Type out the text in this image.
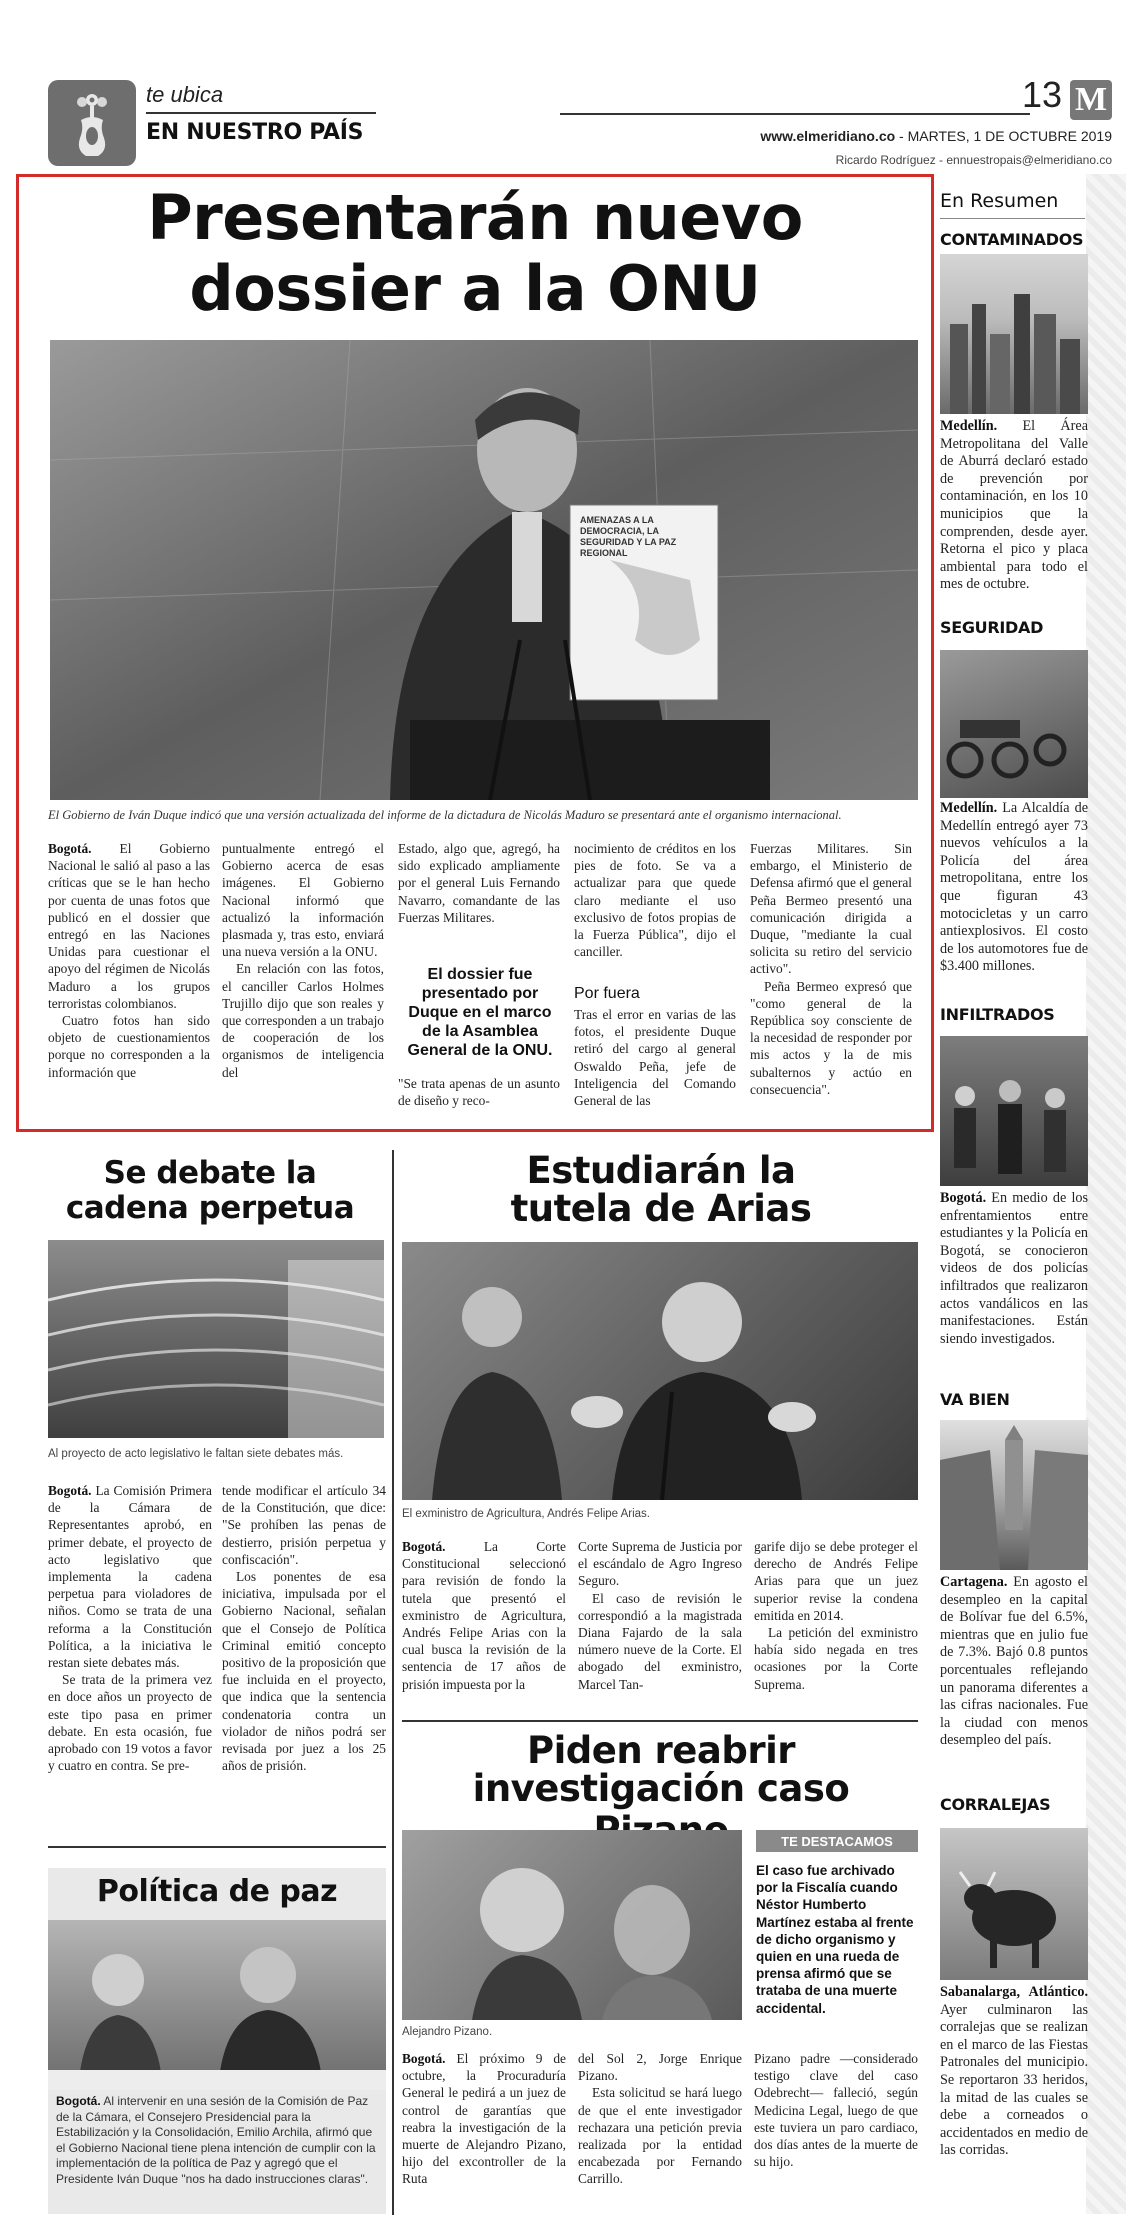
te ubica
EN NUESTRO PAÍS
13 M
www.elmeridiano.co - MARTES, 1 DE OCTUBRE 2019
Ricardo Rodríguez - ennuestropais@elmeridiano.co
Presentarán nuevo
dossier a la ONU
AMENAZAS A LA DEMOCRACIA, LA SEGURIDAD Y LA PAZ REGIONAL
El Gobierno de Iván Duque indicó que una versión actualizada del informe de la dictadura de Nicolás Maduro se presentará ante el organismo internacional.

Bogotá. El Gobierno Nacional le salió al paso a las críticas que se le han hecho por cuenta de unas fotos que publicó en el dossier que entregó en las Naciones Unidas para cuestionar el apoyo del régimen de Nicolás Maduro a los grupos terroristas colombianos.

Cuatro fotos han sido objeto de cuestionamientos porque no corresponden a la información que

puntualmente entregó el Gobierno acerca de esas imágenes. El Gobierno Nacional informó que actualizó la información plasmada y, tras esto, enviará una nueva versión a la ONU.

En relación con las fotos, el canciller Carlos Holmes Trujillo dijo que son reales y que corresponden a un trabajo de cooperación de los organismos de inteligencia del

Estado, algo que, agregó, ha sido explicado ampliamente por el general Luis Fernando Navarro, comandante de las Fuerzas Militares.

El dossier fue presentado por Duque en el marco de la Asamblea General de la ONU.

"Se trata apenas de un asunto de diseño y reco-

nocimiento de créditos en los pies de foto. Se va a actualizar para que quede claro mediante el uso exclusivo de fotos propias de la Fuerza Pública", dijo el canciller.

Por fuera

Tras el error en varias de las fotos, el presidente Duque retiró del cargo al general Oswaldo Peña, jefe de Inteligencia del Comando General de las

Fuerzas Militares. Sin embargo, el Ministerio de Defensa afirmó que el general Peña Bermeo presentó una comunicación dirigida a Duque, "mediante la cual solicita su retiro del servicio activo".

Peña Bermeo expresó que "como general de la República soy consciente de la necesidad de responder por mis actos y la de mis subalternos y actúo en consecuencia".

En Resumen
CONTAMINADOS
Medellín. El Área Metropolitana del Valle de Aburrá declaró estado de prevención por contaminación, en los 10 municipios que la comprenden, desde ayer. Retorna el pico y placa ambiental para todo el mes de octubre.
SEGURIDAD
Medellín. La Alcaldía de Medellín entregó ayer 73 nuevos vehículos a la Policía del área metropolitana, entre los que figuran 43 motocicletas y un carro antiexplosivos. El costo de los automotores fue de $3.400 millones.
INFILTRADOS
Bogotá. En medio de los enfrentamientos entre estudiantes y la Policía en Bogotá, se conocieron videos de dos policías infiltrados que realizaron actos vandálicos en las manifestaciones. Están siendo investigados.
VA BIEN
Cartagena. En agosto el desempleo en la capital de Bolívar fue del 6.5%, mientras que en julio fue de 7.3%. Bajó 0.8 puntos porcentuales reflejando un panorama diferentes a las cifras nacionales. Fue la ciudad con menos desempleo del país.
CORRALEJAS
Sabanalarga, Atlántico. Ayer culminaron las corralejas que se realizan en el marco de las Fiestas Patronales del municipio. Se reportaron 33 heridos, la mitad de las cuales se debe a corneados o accidentados en medio de las corridas.
Se debate la
cadena perpetua
Al proyecto de acto legislativo le faltan siete debates más.

Bogotá. La Comisión Primera de la Cámara de Representantes aprobó, en primer debate, el proyecto de acto legislativo que implementa la cadena perpetua para violadores de niños. Como se trata de una reforma a la Constitución Política, a la iniciativa le restan siete debates más.

Se trata de la primera vez en doce años un proyecto de este tipo pasa en primer debate. En esta ocasión, fue aprobado con 19 votos a favor y cuatro en contra. Se pre-

tende modificar el artículo 34 de la Constitución, que dice: "Se prohíben las penas de destierro, prisión perpetua y confiscación".

Los ponentes de esa iniciativa, impulsada por el Gobierno Nacional, señalan que el Consejo de Política Criminal emitió concepto positivo de la proposición que fue incluida en el proyecto, que indica que la sentencia condenatoria contra un violador de niños podrá ser revisada por juez a los 25 años de prisión.

Política de paz
Bogotá. Al intervenir en una sesión de la Comisión de Paz de la Cámara, el Consejero Presidencial para la Estabilización y la Consolidación, Emilio Archila, afirmó que el Gobierno Nacional tiene plena intención de cumplir con la implementación de la política de Paz y agregó que el Presidente Iván Duque "nos ha dado instrucciones claras".
Estudiarán la
tutela de Arias
El exministro de Agricultura, Andrés Felipe Arias.

Bogotá.	La Corte Constitucional seleccionó para revisión de fondo la tutela que presentó el exministro de Agricultura, Andrés Felipe Arias con la cual busca la revisión de la sentencia de 17 años de prisión impuesta por la

Corte Suprema de Justicia por el escándalo de Agro Ingreso Seguro.

El caso de revisión le correspondió a la magistrada Diana Fajardo de la sala número nueve de la Corte. El abogado del exministro, Marcel Tan-

garife dijo se debe proteger el derecho de Andrés Felipe Arias para que un juez superior revise la condena emitida en 2014.

La petición del exministro había sido negada en tres ocasiones por la Corte Suprema.

Piden reabrir
investigación caso
Alejandro Pizano.
TE DESTACAMOS
El caso fue archivado por la Fiscalía cuando Néstor Humberto Martínez estaba al frente de dicho organismo y quien en una rueda de prensa afirmó que se trataba de una muerte accidental.

Bogotá. El próximo 9 de octubre, la Procuraduría General le pedirá a un juez de control de garantías que reabra la investigación de la muerte de Alejandro Pizano, hijo del excontroller de la Ruta

del Sol 2, Jorge Enrique Pizano.

Esta solicitud se hará luego de que el ente investigador rechazara una petición previa realizada por la entidad encabezada por Fernando Carrillo.

Pizano padre —considerado testigo clave del caso Odebrecht— falleció, según Medicina Legal, luego de que este tuviera un paro cardiaco, dos días antes de la muerte de su hijo.
